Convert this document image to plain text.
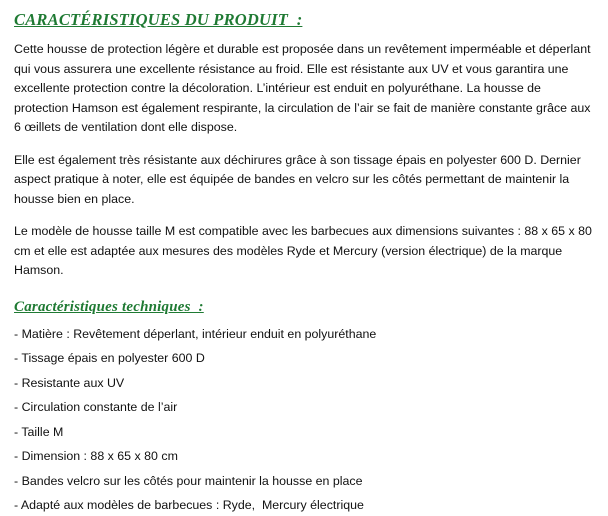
CARACTÉRISTIQUES DU PRODUIT  :

Cette housse de protection légère et durable est proposée dans un revêtement imperméable et déperlant qui vous assurera une excellente résistance au froid. Elle est résistante aux UV et vous garantira une excellente protection contre la décoloration. L’intérieur est enduit en polyuréthane. La housse de protection Hamson est également respirante, la circulation de l’air se fait de manière constante grâce aux 6 œillets de ventilation dont elle dispose.

Elle est également très résistante aux déchirures grâce à son tissage épais en polyester 600 D. Dernier aspect pratique à noter, elle est équipée de bandes en velcro sur les côtés permettant de maintenir la housse bien en place.

Le modèle de housse taille M est compatible avec les barbecues aux dimensions suivantes : 88 x 65 x 80 cm et elle est adaptée aux mesures des modèles Ryde et Mercury (version électrique) de la marque Hamson.

Caractéristiques techniques  :
- Matière : Revêtement déperlant, intérieur enduit en polyuréthane
- Tissage épais en polyester 600 D
- Resistante aux UV
- Circulation constante de l’air
- Taille M
- Dimension : 88 x 65 x 80 cm
- Bandes velcro sur les côtés pour maintenir la housse en place
- Adapté aux modèles de barbecues : Ryde,  Mercury électrique
